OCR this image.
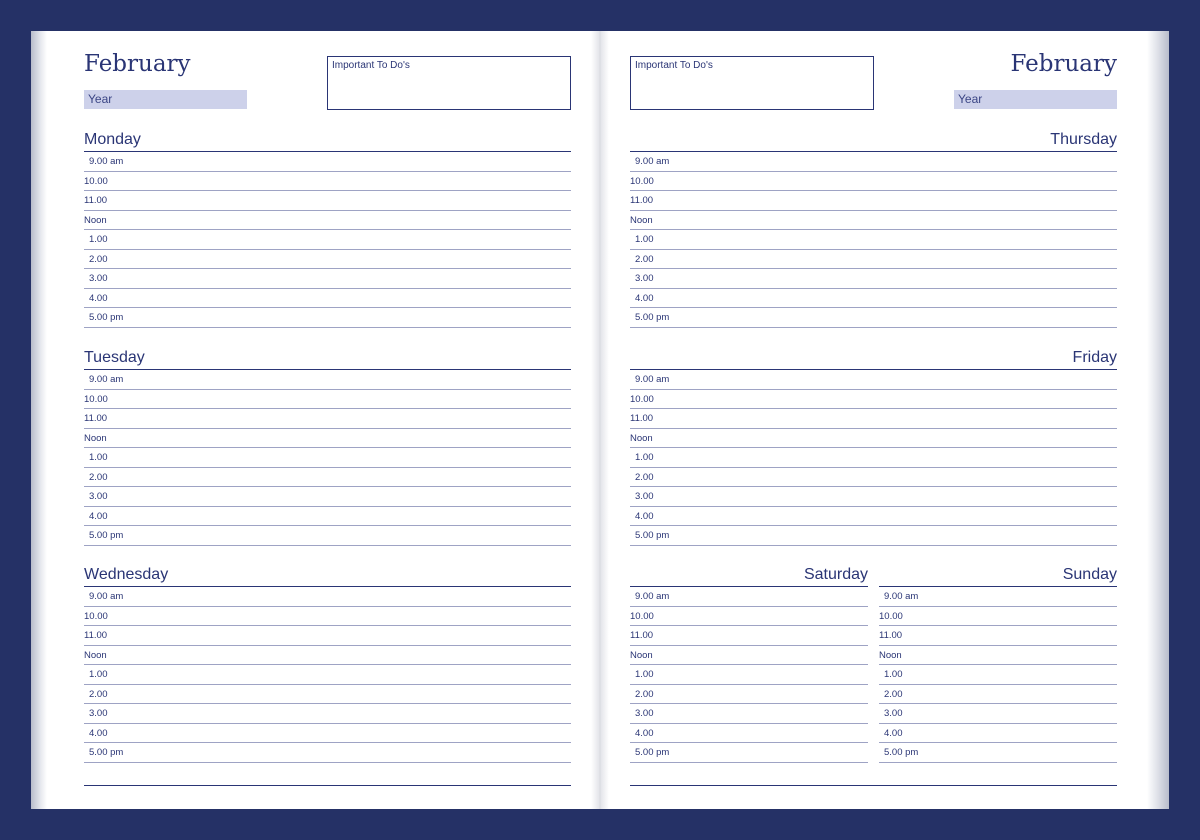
February
Year
Important To Do's
Monday
9.00 am
10.00
11.00
Noon
1.00
2.00
3.00
4.00
5.00 pm
Tuesday
9.00 am
10.00
11.00
Noon
1.00
2.00
3.00
4.00
5.00 pm
Wednesday
9.00 am
10.00
11.00
Noon
1.00
2.00
3.00
4.00
5.00 pm
February
Year
Important To Do's
Thursday
9.00 am
10.00
11.00
Noon
1.00
2.00
3.00
4.00
5.00 pm
Friday
9.00 am
10.00
11.00
Noon
1.00
2.00
3.00
4.00
5.00 pm
Saturday
9.00 am
10.00
11.00
Noon
1.00
2.00
3.00
4.00
5.00 pm
Sunday
9.00 am
10.00
11.00
Noon
1.00
2.00
3.00
4.00
5.00 pm
